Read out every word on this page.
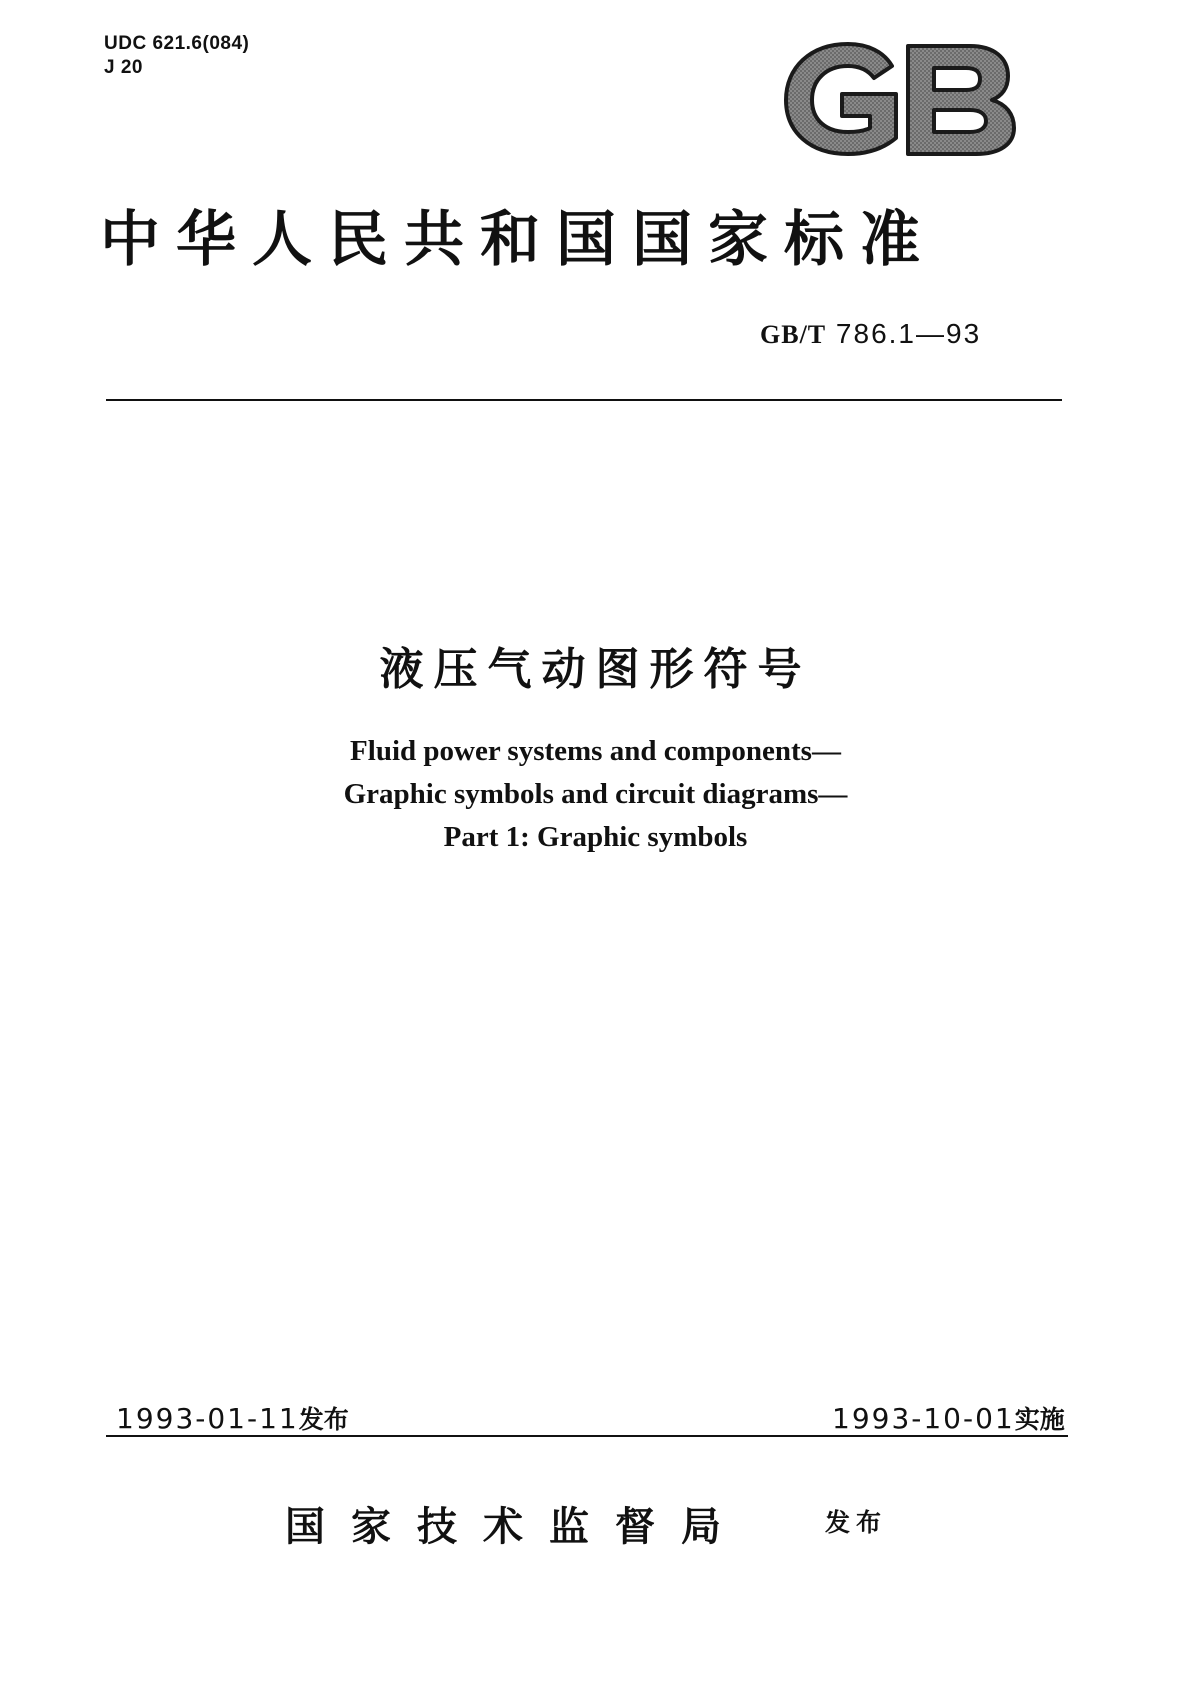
UDC 621.6(084)
J 20
中华人民共和国国家标准
GB/T 786.1—93
液压气动图形符号
Fluid power systems and components—
Graphic symbols and circuit diagrams—
Part 1: Graphic symbols
1993-01-11发布	1993-10-01实施
国家技术监督局	发布
